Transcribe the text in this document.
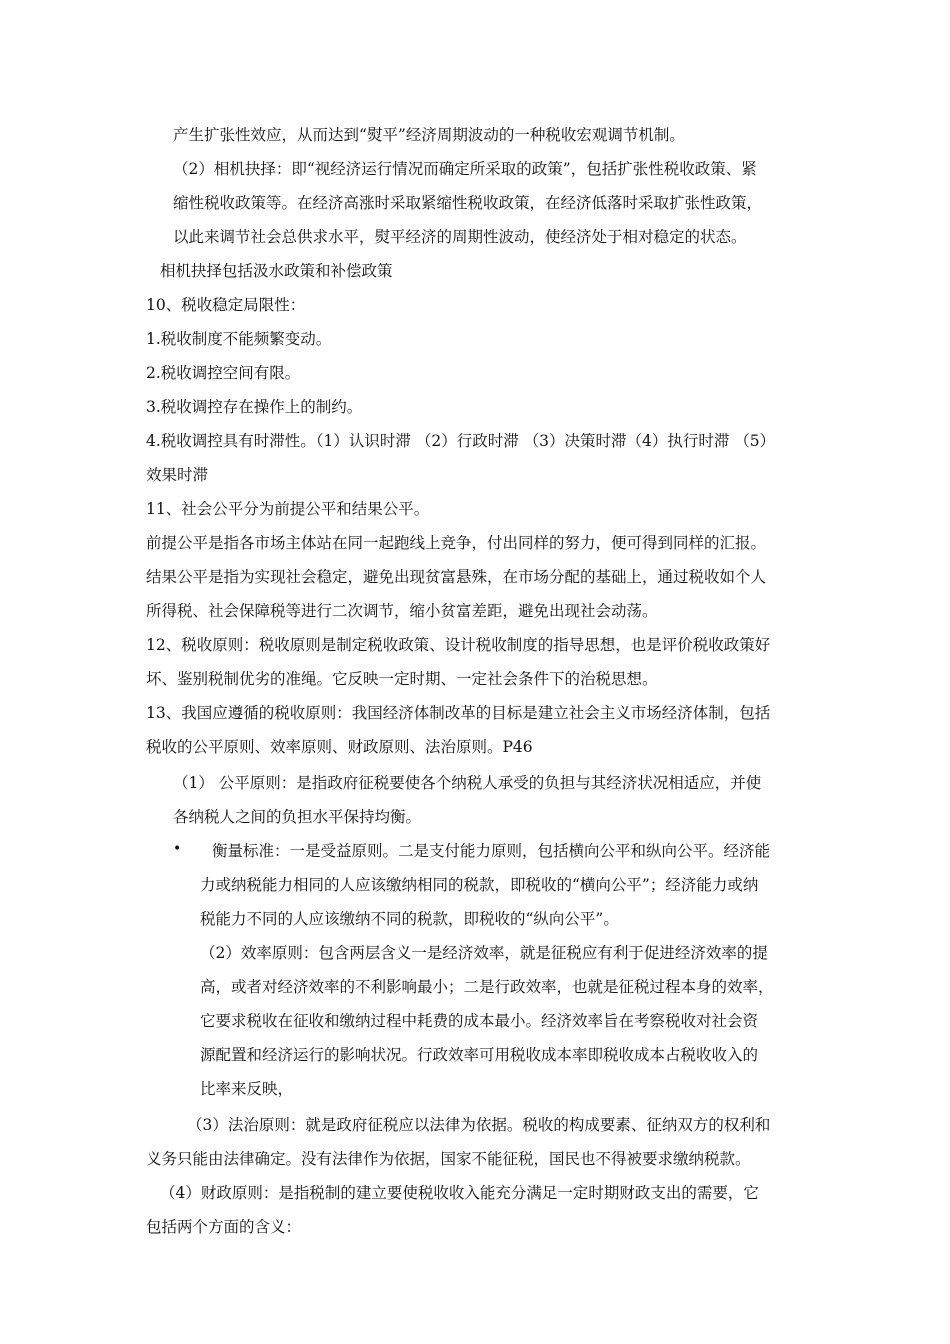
产生扩张性效应，从而达到“熨平”经济周期波动的一种税收宏观调节机制。
（2）相机抉择：即“视经济运行情况而确定所采取的政策”，包括扩张性税收政策、紧
缩性税收政策等。在经济高涨时采取紧缩性税收政策，在经济低落时采取扩张性政策，
以此来调节社会总供求水平，熨平经济的周期性波动，使经济处于相对稳定的状态。
相机抉择包括汲水政策和补偿政策
10、税收稳定局限性：
1.税收制度不能频繁变动。
2.税收调控空间有限。
3.税收调控存在操作上的制约。
4.税收调控具有时滞性。（1）认识时滞 （2）行政时滞 （3）决策时滞（4）执行时滞 （5）
效果时滞
11、社会公平分为前提公平和结果公平。
前提公平是指各市场主体站在同一起跑线上竞争，付出同样的努力，便可得到同样的汇报。
结果公平是指为实现社会稳定，避免出现贫富悬殊，在市场分配的基础上，通过税收如个人
所得税、社会保障税等进行二次调节，缩小贫富差距，避免出现社会动荡。
12、税收原则：税收原则是制定税收政策、设计税收制度的指导思想，也是评价税收政策好
坏、鉴别税制优劣的准绳。它反映一定时期、一定社会条件下的治税思想。
13、我国应遵循的税收原则：我国经济体制改革的目标是建立社会主义市场经济体制，包括
税收的公平原则、效率原则、财政原则、法治原则。P46
（1） 公平原则：是指政府征税要使各个纳税人承受的负担与其经济状况相适应，并使
各纳税人之间的负担水平保持均衡。
• 衡量标准：一是受益原则。二是支付能力原则，包括横向公平和纵向公平。经济能
力或纳税能力相同的人应该缴纳相同的税款，即税收的“横向公平”；经济能力或纳
税能力不同的人应该缴纳不同的税款，即税收的“纵向公平”。
（2）效率原则：包含两层含义一是经济效率，就是征税应有利于促进经济效率的提
高，或者对经济效率的不利影响最小；二是行政效率，也就是征税过程本身的效率，
它要求税收在征收和缴纳过程中耗费的成本最小。经济效率旨在考察税收对社会资
源配置和经济运行的影响状况。行政效率可用税收成本率即税收成本占税收收入的
比率来反映，
（3）法治原则：就是政府征税应以法律为依据。税收的构成要素、征纳双方的权利和
义务只能由法律确定。没有法律作为依据，国家不能征税，国民也不得被要求缴纳税款。
（4）财政原则：是指税制的建立要使税收收入能充分满足一定时期财政支出的需要，它
包括两个方面的含义：
